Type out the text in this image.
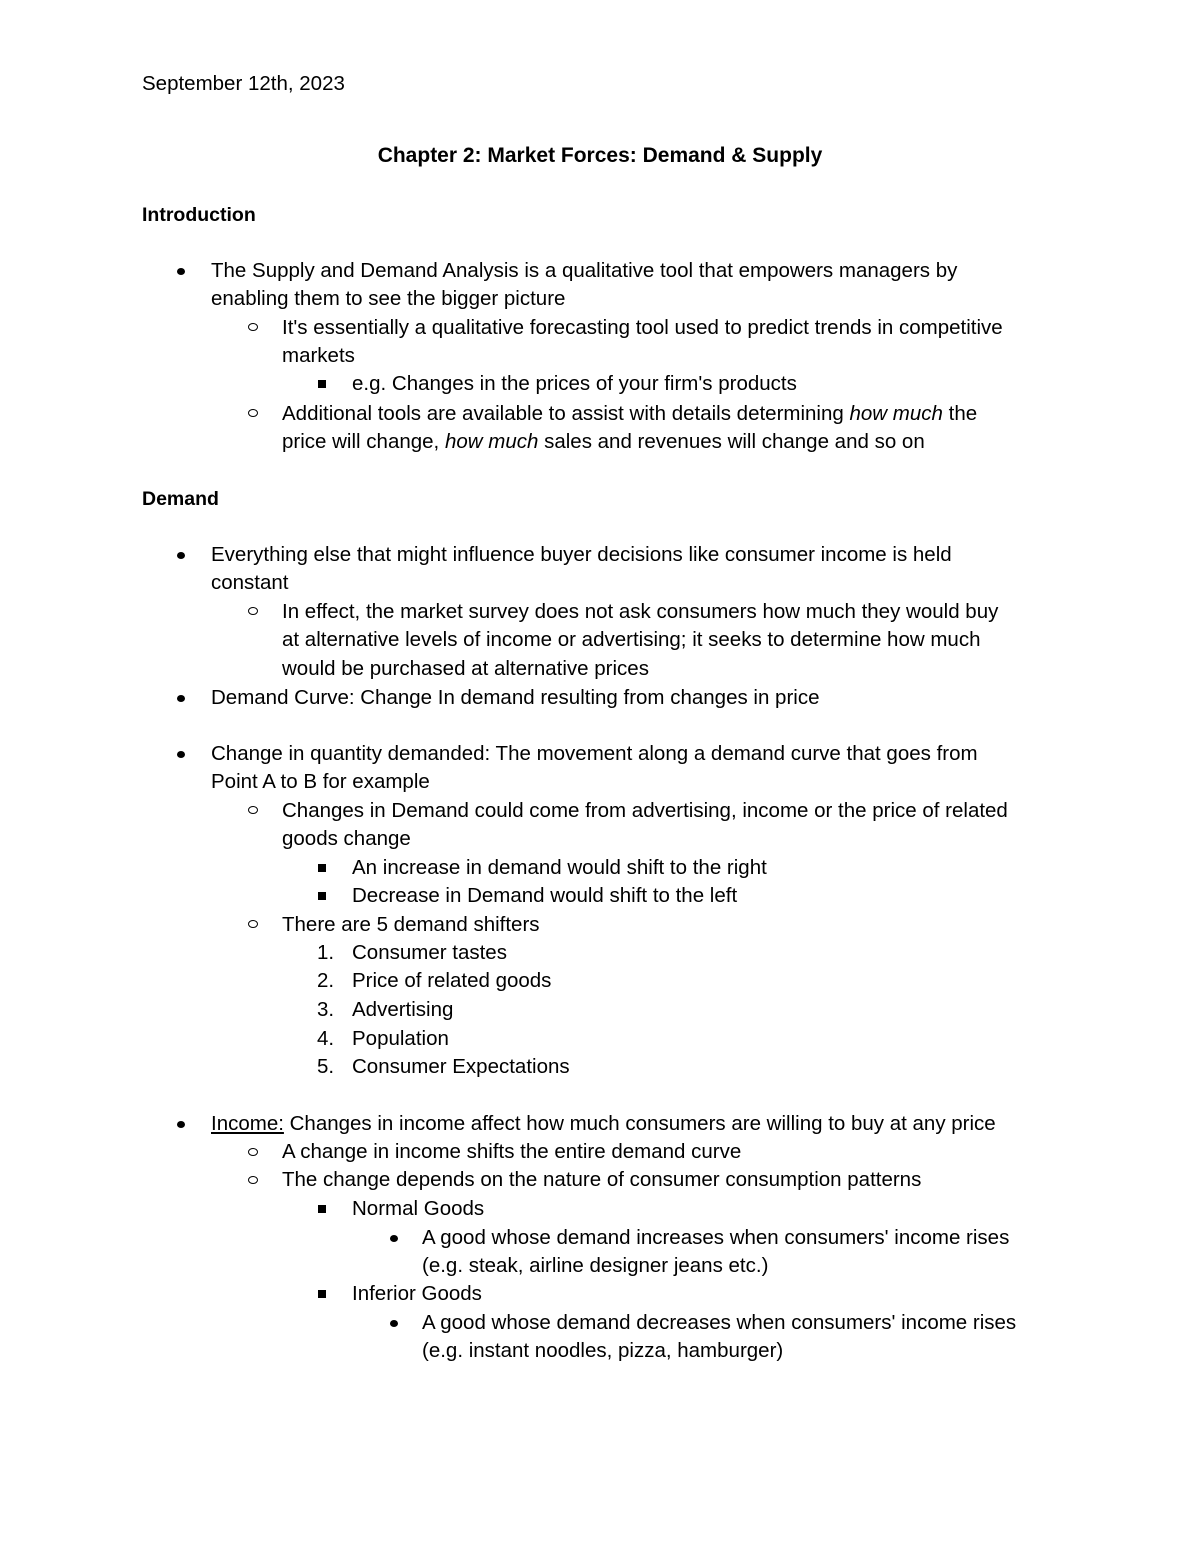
September 12th, 2023
Chapter 2: Market Forces: Demand & Supply
Introduction
The Supply and Demand Analysis is a qualitative tool that empowers managers by
enabling them to see the bigger picture
It's essentially a qualitative forecasting tool used to predict trends in competitive
markets
e.g. Changes in the prices of your firm's products
Additional tools are available to assist with details determining how much the
price will change, how much sales and revenues will change and so on
Demand
Everything else that might influence buyer decisions like consumer income is held
constant
In effect, the market survey does not ask consumers how much they would buy
at alternative levels of income or advertising; it seeks to determine how much
would be purchased at alternative prices
Demand Curve: Change In demand resulting from changes in price
Change in quantity demanded: The movement along a demand curve that goes from
Point A to B for example
Changes in Demand could come from advertising, income or the price of related
goods change
An increase in demand would shift to the right
Decrease in Demand would shift to the left
There are 5 demand shifters
1. Consumer tastes
2. Price of related goods
3. Advertising
4. Population
5. Consumer Expectations
Income: Changes in income affect how much consumers are willing to buy at any price
A change in income shifts the entire demand curve
The change depends on the nature of consumer consumption patterns
Normal Goods
A good whose demand increases when consumers' income rises
(e.g. steak, airline designer jeans etc.)
Inferior Goods
A good whose demand decreases when consumers' income rises
(e.g. instant noodles, pizza, hamburger)
